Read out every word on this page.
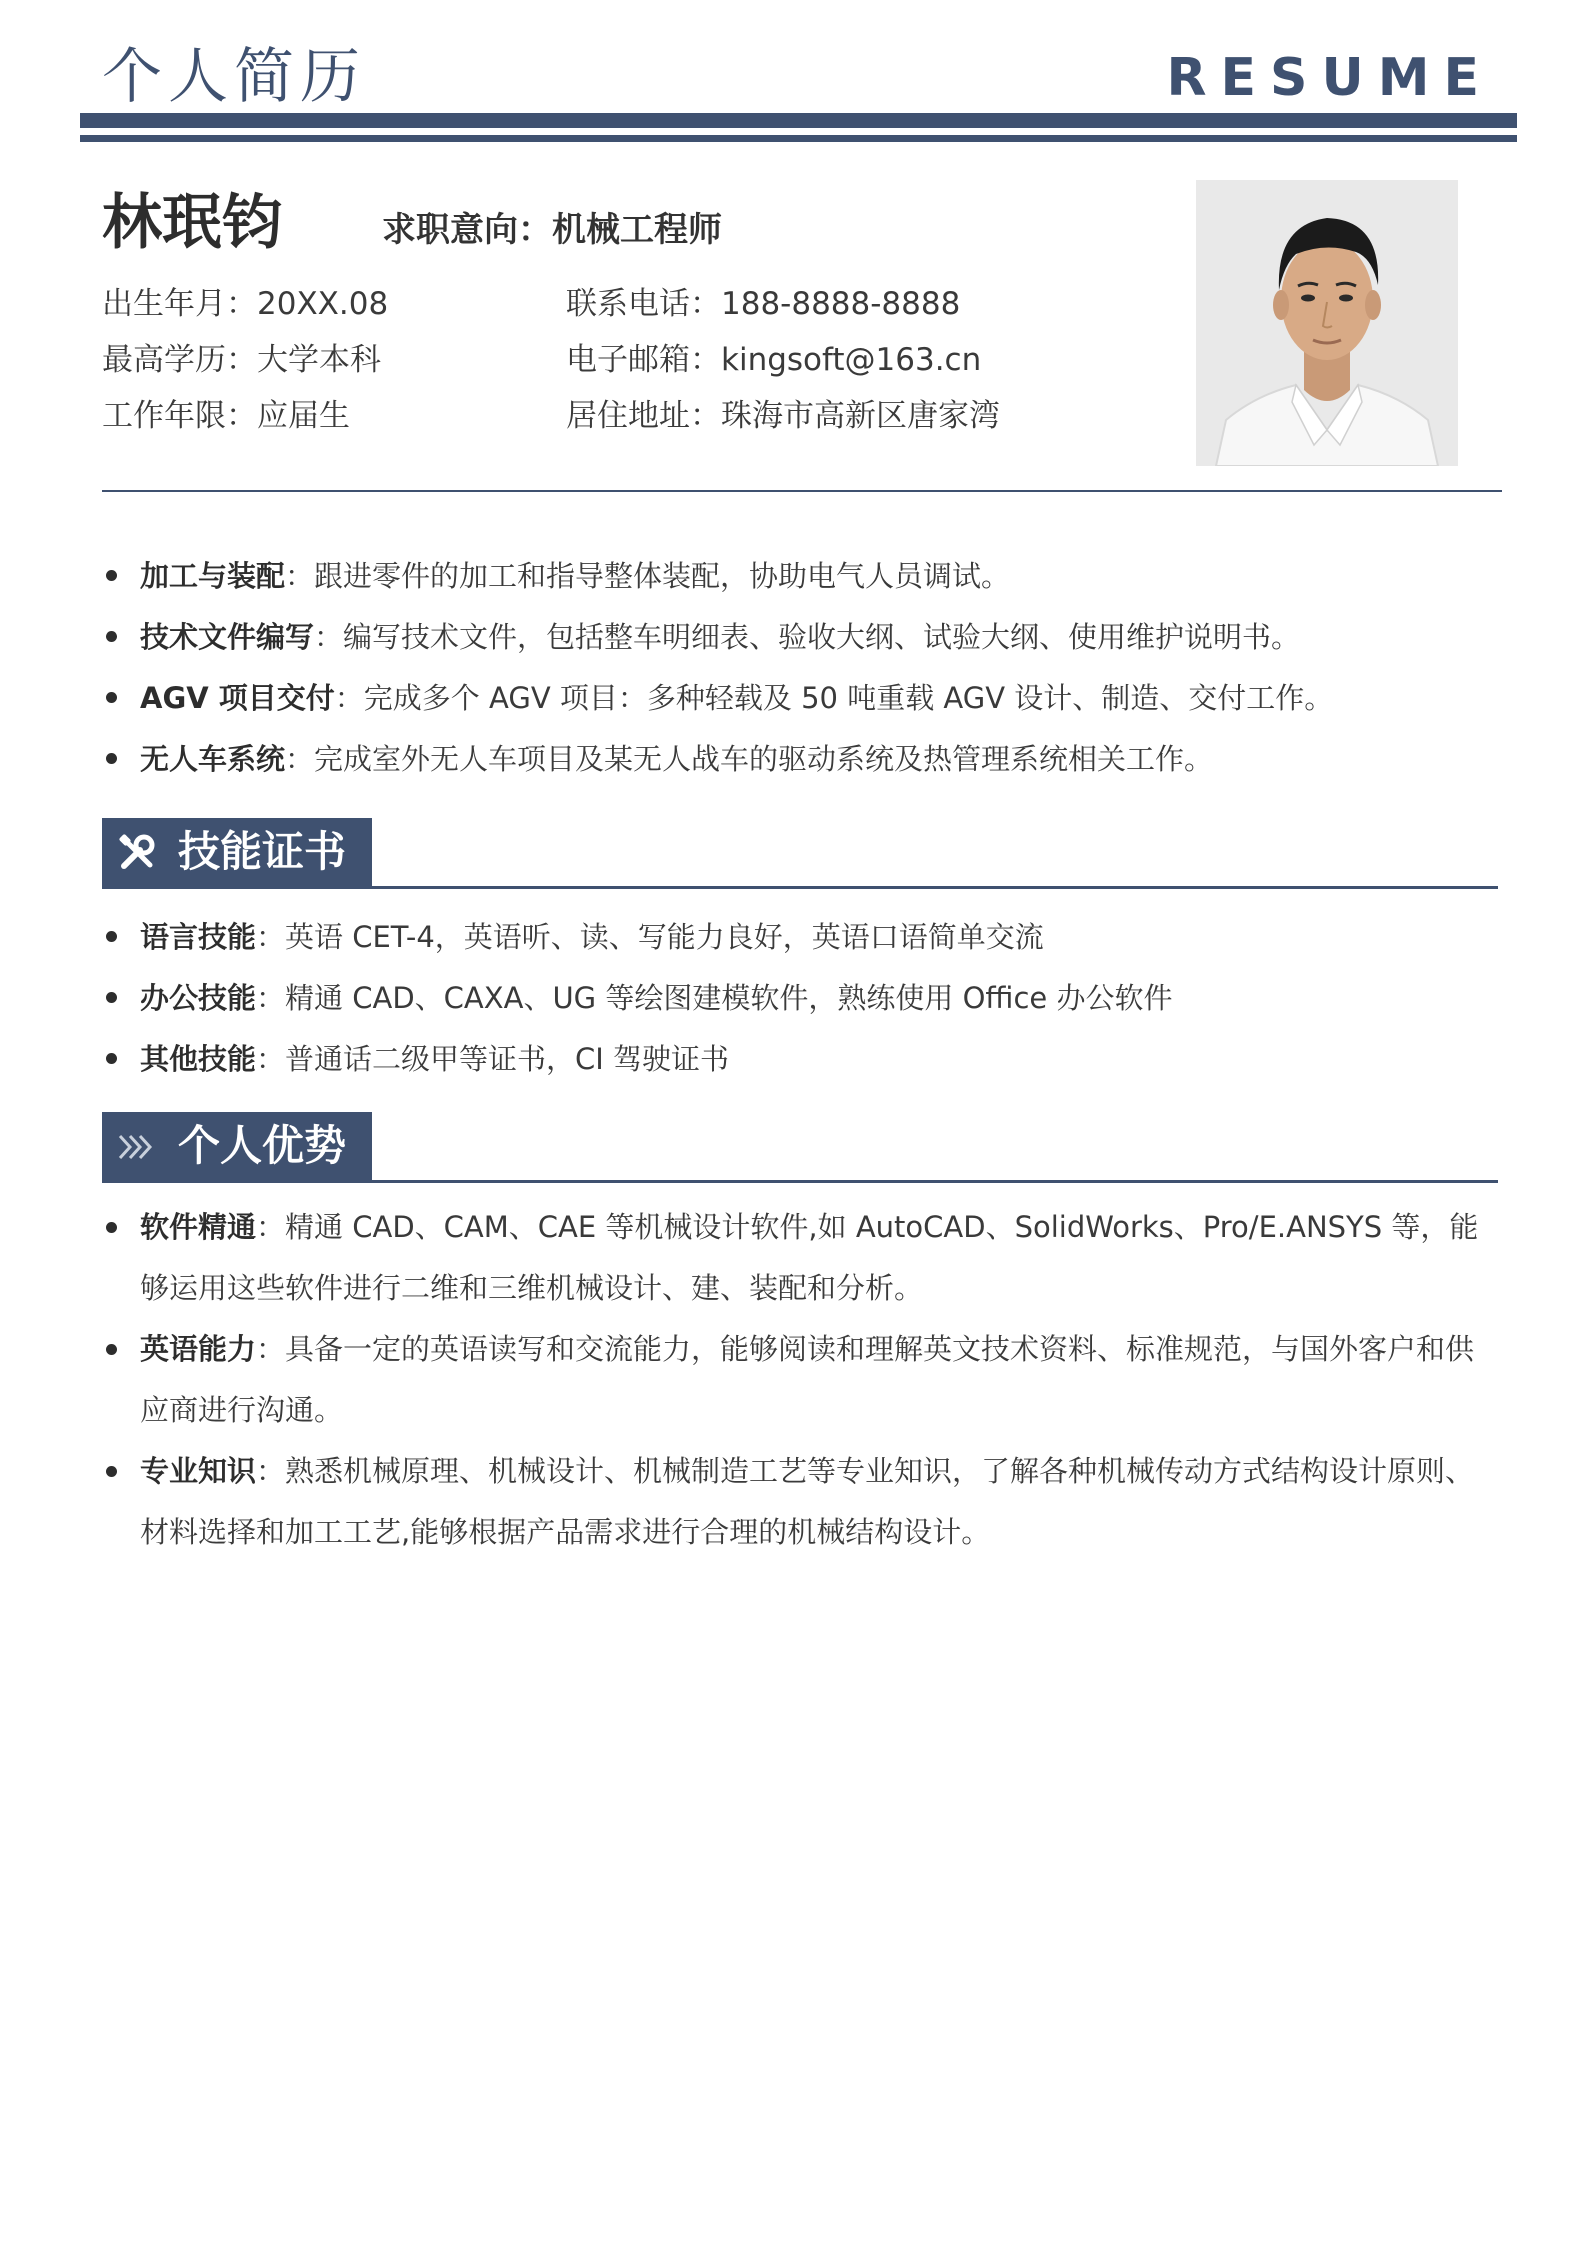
个人简历	RESUME
林珉钧	求职意向：机械工程师
出生年月：20XX.08
最高学历：大学本科
工作年限：应届生
联系电话：188-8888-8888
电子邮箱：kingsoft@163.cn
居住地址：珠海市高新区唐家湾
加工与装配：跟进零件的加工和指导整体装配，协助电气人员调试。
技术文件编写：编写技术文件，包括整车明细表、验收大纲、试验大纲、使用维护说明书。
AGV 项目交付：完成多个 AGV 项目：多种轻载及 50 吨重载 AGV 设计、制造、交付工作。
无人车系统：完成室外无人车项目及某无人战车的驱动系统及热管理系统相关工作。
技能证书
语言技能：英语 CET-4，英语听、读、写能力良好，英语口语简单交流
办公技能：精通 CAD、CAXA、UG 等绘图建模软件，熟练使用 Office 办公软件
其他技能：普通话二级甲等证书，CI 驾驶证书
个人优势
软件精通：精通 CAD、CAM、CAE 等机械设计软件,如 AutoCAD、SolidWorks、Pro/E.ANSYS 等，能够运用这些软件进行二维和三维机械设计、建、装配和分析。
英语能力：具备一定的英语读写和交流能力，能够阅读和理解英文技术资料、标准规范，与国外客户和供应商进行沟通。
专业知识：熟悉机械原理、机械设计、机械制造工艺等专业知识，了解各种机械传动方式结构设计原则、材料选择和加工工艺,能够根据产品需求进行合理的机械结构设计。
